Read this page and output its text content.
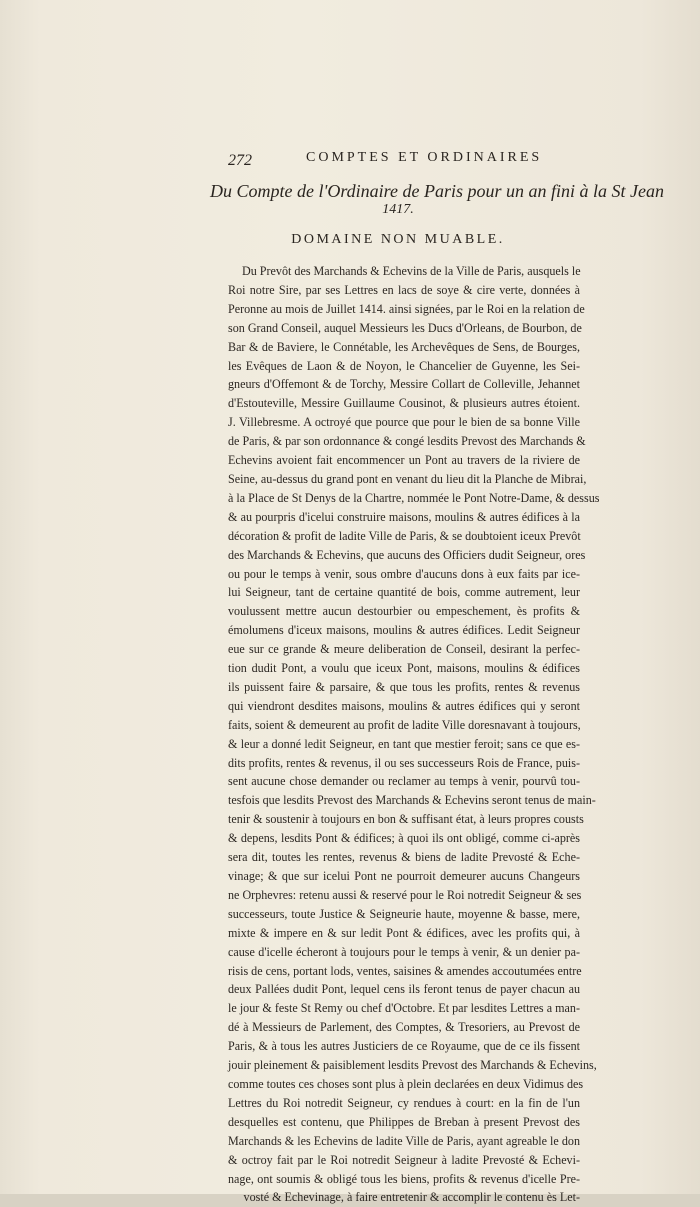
272	COMPTES ET ORDINAIRES
Du Compte de l'Ordinaire de Paris pour un an fini à la St Jean
1417.
DOMAINE NON MUABLE.
Du Prevôt des Marchands & Echevins de la Ville de Paris, ausquels le
Roi notre Sire, par ses Lettres en lacs de soye & cire verte, données à
Peronne au mois de Juillet 1414. ainsi signées, par le Roi en la relation de
son Grand Conseil, auquel Messieurs les Ducs d'Orleans, de Bourbon, de
Bar & de Baviere, le Connétable, les Archevêques de Sens, de Bourges,
les Evêques de Laon & de Noyon, le Chancelier de Guyenne, les Sei-
gneurs d'Offemont & de Torchy, Messire Collart de Colleville, Jehannet
d'Estouteville, Messire Guillaume Cousinot, & plusieurs autres étoient.
J. Villebresme. A octroyé que pource que pour le bien de sa bonne Ville
de Paris, & par son ordonnance & congé lesdits Prevost des Marchands &
Echevins avoient fait encommencer un Pont au travers de la riviere de
Seine, au-dessus du grand pont en venant du lieu dit la Planche de Mibrai,
à la Place de St Denys de la Chartre, nommée le Pont Notre-Dame, & dessus
& au pourpris d'icelui construire maisons, moulins & autres édifices à la
décoration & profit de ladite Ville de Paris, & se doubtoient iceux Prevôt
des Marchands & Echevins, que aucuns des Officiers dudit Seigneur, ores
ou pour le temps à venir, sous ombre d'aucuns dons à eux faits par ice-
lui Seigneur, tant de certaine quantité de bois, comme autrement, leur
voulussent mettre aucun destourbier ou empeschement, ès profits &
émolumens d'iceux maisons, moulins & autres édifices. Ledit Seigneur
eue sur ce grande & meure deliberation de Conseil, desirant la perfec-
tion dudit Pont, a voulu que iceux Pont, maisons, moulins & édifices
ils puissent faire & parsaire, & que tous les profits, rentes & revenus
qui viendront desdites maisons, moulins & autres édifices qui y seront
faits, soient & demeurent au profit de ladite Ville doresnavant à toujours,
& leur a donné ledit Seigneur, en tant que mestier feroit; sans ce que es-
dits profits, rentes & revenus, il ou ses successeurs Rois de France, puis-
sent aucune chose demander ou reclamer au temps à venir, pourvû tou-
tesfois que lesdits Prevost des Marchands & Echevins seront tenus de main-
tenir & soustenir à toujours en bon & suffisant état, à leurs propres cousts
& depens, lesdits Pont & édifices; à quoi ils ont obligé, comme ci-après
sera dit, toutes les rentes, revenus & biens de ladite Prevosté & Eche-
vinage; & que sur icelui Pont ne pourroit demeurer aucuns Changeurs
ne Orphevres: retenu aussi & reservé pour le Roi notredit Seigneur & ses
successeurs, toute Justice & Seigneurie haute, moyenne & basse, mere,
mixte & impere en & sur ledit Pont & édifices, avec les profits qui, à
cause d'icelle écheront à toujours pour le temps à venir, & un denier pa-
risis de cens, portant lods, ventes, saisines & amendes accoutumées entre
deux Pallées dudit Pont, lequel cens ils feront tenus de payer chacun au
le jour & feste St Remy ou chef d'Octobre. Et par lesdites Lettres a man-
dé à Messieurs de Parlement, des Comptes, & Tresoriers, au Prevost de
Paris, & à tous les autres Justiciers de ce Royaume, que de ce ils fissent
jouir pleinement & paisiblement lesdits Prevost des Marchands & Echevins,
comme toutes ces choses sont plus à plein declarées en deux Vidimus des
Lettres du Roi notredit Seigneur, cy rendues à court: en la fin de l'un
desquelles est contenu, que Philippes de Breban à present Prevost des
Marchands & les Echevins de ladite Ville de Paris, ayant agreable le don
& octroy fait par le Roi notredit Seigneur à ladite Prevosté & Echevi-
nage, ont soumis & obligé tous les biens, profits & revenus d'icelle Pre-
vosté & Echevinage, à faire entretenir & accomplir le contenu ès Let-
